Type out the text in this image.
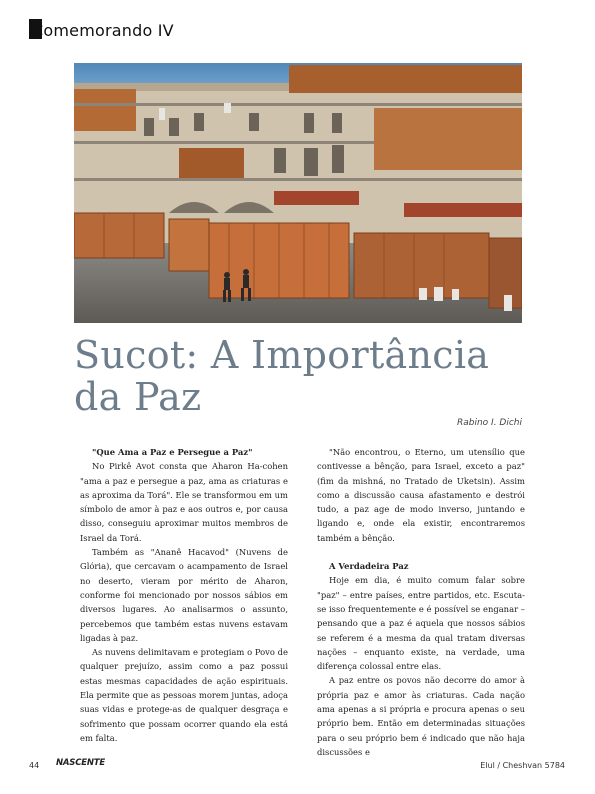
Comemorando IV
Sucot: A Importância da Paz
Rabino I. Dichi

"Que Ama a Paz e Persegue a Paz"

No Pirkê Avot consta que Aharon Ha-cohen "ama a paz e persegue a paz, ama as criaturas e as aproxima da Torá". Ele se transformou em um símbolo de amor à paz e aos outros e, por causa disso, conseguiu aproximar muitos membros de Israel da Torá.

Também as "Ananê Hacavod" (Nuvens de Glória), que cercavam o acampamento de Israel no deserto, vieram por mérito de Aharon, conforme foi mencionado por nossos sábios em diversos lugares. Ao analisarmos o assunto, percebemos que também estas nuvens estavam ligadas à paz.

As nuvens delimitavam e protegiam o Povo de qualquer prejuízo, assim como a paz possui estas mesmas capacidades de ação espirituais. Ela permite que as pessoas morem juntas, adoça suas vidas e protege-as de qualquer desgraça e sofrimento que possam ocorrer quando ela está em falta.

"Não encontrou, o Eterno, um utensílio que contivesse a bênção, para Israel, exceto a paz" (fim da mishná, no Tratado de Uketsin). Assim como a discussão causa afastamento e destrói tudo, a paz age de modo inverso, juntando e ligando e, onde ela existir, encontraremos também a bênção.

A Verdadeira Paz

Hoje em dia, é muito comum falar sobre "paz" – entre países, entre partidos, etc. Escuta-se isso frequentemente e é possível se enganar – pensando que a paz é aquela que nossos sábios se referem é a mesma da qual tratam diversas nações – enquanto existe, na verdade, uma diferença colossal entre elas.

A paz entre os povos não decorre do amor à própria paz e amor às criaturas. Cada nação ama apenas a si própria e procura apenas o seu próprio bem. Então em determinadas situações para o seu próprio bem é indicado que não haja discussões e

44 NASCENTE	Elul / Cheshvan 5784
